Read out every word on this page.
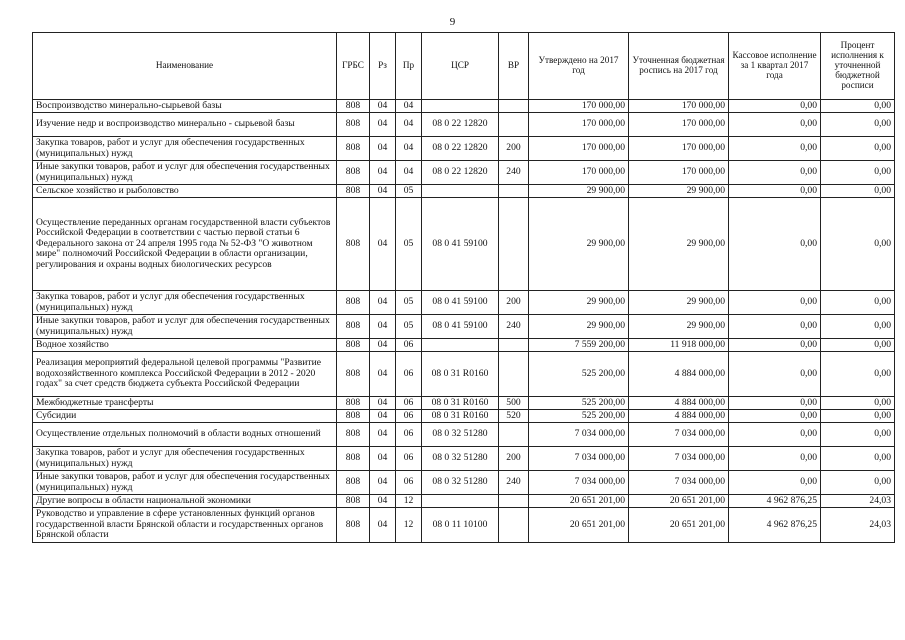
9
Наименование	ГРБС	Рз	Пр	ЦСР	ВР	Утверждено на 2017 год	Уточненная бюджетная роспись на 2017 год	Кассовое исполнение за 1 квартал 2017 года	Процент исполнения к уточненной бюджетной росписи
Воспроизводство минерально-сырьевой базы	808	04	04			170 000,00	170 000,00	0,00	0,00
Изучение недр и воспроизводство минерально - сырьевой базы	808	04	04	08 0 22 12820		170 000,00	170 000,00	0,00	0,00
Закупка товаров, работ и услуг для обеспечения государственных (муниципальных) нужд	808	04	04	08 0 22 12820	200	170 000,00	170 000,00	0,00	0,00
Иные закупки товаров, работ и услуг для обеспечения государственных (муниципальных) нужд	808	04	04	08 0 22 12820	240	170 000,00	170 000,00	0,00	0,00
Сельское хозяйство и рыболовство	808	04	05			29 900,00	29 900,00	0,00	0,00
Осуществление переданных органам государственной власти субъектов Российской Федерации в соответствии с частью первой статьи 6 Федерального закона от 24 апреля 1995 года № 52-ФЗ "О животном мире" полномочий Российской Федерации в области организации, регулирования и охраны водных биологических ресурсов	808	04	05	08 0 41 59100		29 900,00	29 900,00	0,00	0,00
Закупка товаров, работ и услуг для обеспечения государственных (муниципальных) нужд	808	04	05	08 0 41 59100	200	29 900,00	29 900,00	0,00	0,00
Иные закупки товаров, работ и услуг для обеспечения государственных (муниципальных) нужд	808	04	05	08 0 41 59100	240	29 900,00	29 900,00	0,00	0,00
Водное хозяйство	808	04	06			7 559 200,00	11 918 000,00	0,00	0,00
Реализация мероприятий федеральной целевой программы "Развитие водохозяйственного комплекса Российской Федерации в 2012 - 2020 годах" за счет средств бюджета субъекта Российской Федерации	808	04	06	08 0 31 R0160		525 200,00	4 884 000,00	0,00	0,00
Межбюджетные трансферты	808	04	06	08 0 31 R0160	500	525 200,00	4 884 000,00	0,00	0,00
Субсидии	808	04	06	08 0 31 R0160	520	525 200,00	4 884 000,00	0,00	0,00
Осуществление отдельных полномочий в области водных отношений	808	04	06	08 0 32 51280		7 034 000,00	7 034 000,00	0,00	0,00
Закупка товаров, работ и услуг для обеспечения государственных (муниципальных) нужд	808	04	06	08 0 32 51280	200	7 034 000,00	7 034 000,00	0,00	0,00
Иные закупки товаров, работ и услуг для обеспечения государственных (муниципальных) нужд	808	04	06	08 0 32 51280	240	7 034 000,00	7 034 000,00	0,00	0,00
Другие вопросы в области национальной экономики	808	04	12			20 651 201,00	20 651 201,00	4 962 876,25	24,03
Руководство и управление в сфере установленных функций органов государственной власти Брянской области и государственных органов Брянской области	808	04	12	08 0 11 10100		20 651 201,00	20 651 201,00	4 962 876,25	24,03
